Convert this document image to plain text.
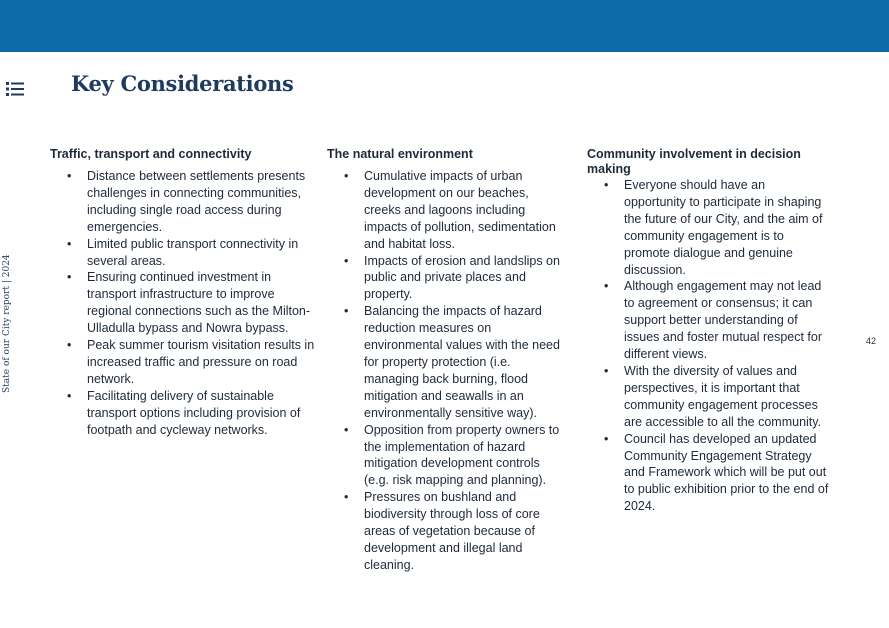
Key Considerations
State of our City report | 2024	42
Traffic, transport and connectivity
• Distance between settlements presents challenges in connecting communities, including single road access during emergencies.
• Limited public transport connectivity in several areas.
• Ensuring continued investment in transport infrastructure to improve regional connections such as the Milton-Ulladulla bypass and Nowra bypass.
• Peak summer tourism visitation results in increased traffic and pressure on road network.
• Facilitating delivery of sustainable transport options including provision of footpath and cycleway networks.
The natural environment
• Cumulative impacts of urban development on our beaches, creeks and lagoons including impacts of pollution, sedimentation and habitat loss.
• Impacts of erosion and landslips on public and private places and property.
• Balancing the impacts of hazard reduction measures on environmental values with the need for property protection (i.e. managing back burning, flood mitigation and seawalls in an environmentally sensitive way).
• Opposition from property owners to the implementation of hazard mitigation development controls (e.g. risk mapping and planning).
• Pressures on bushland and biodiversity through loss of core areas of vegetation because of development and illegal land cleaning.
Community involvement in decision making
• Everyone should have an opportunity to participate in shaping the future of our City, and the aim of community engagement is to promote dialogue and genuine discussion.
• Although engagement may not lead to agreement or consensus; it can support better understanding of issues and foster mutual respect for different views.
• With the diversity of values and perspectives, it is important that community engagement processes are accessible to all the community.
• Council has developed an updated Community Engagement Strategy and Framework which will be put out to public exhibition prior to the end of 2024.
